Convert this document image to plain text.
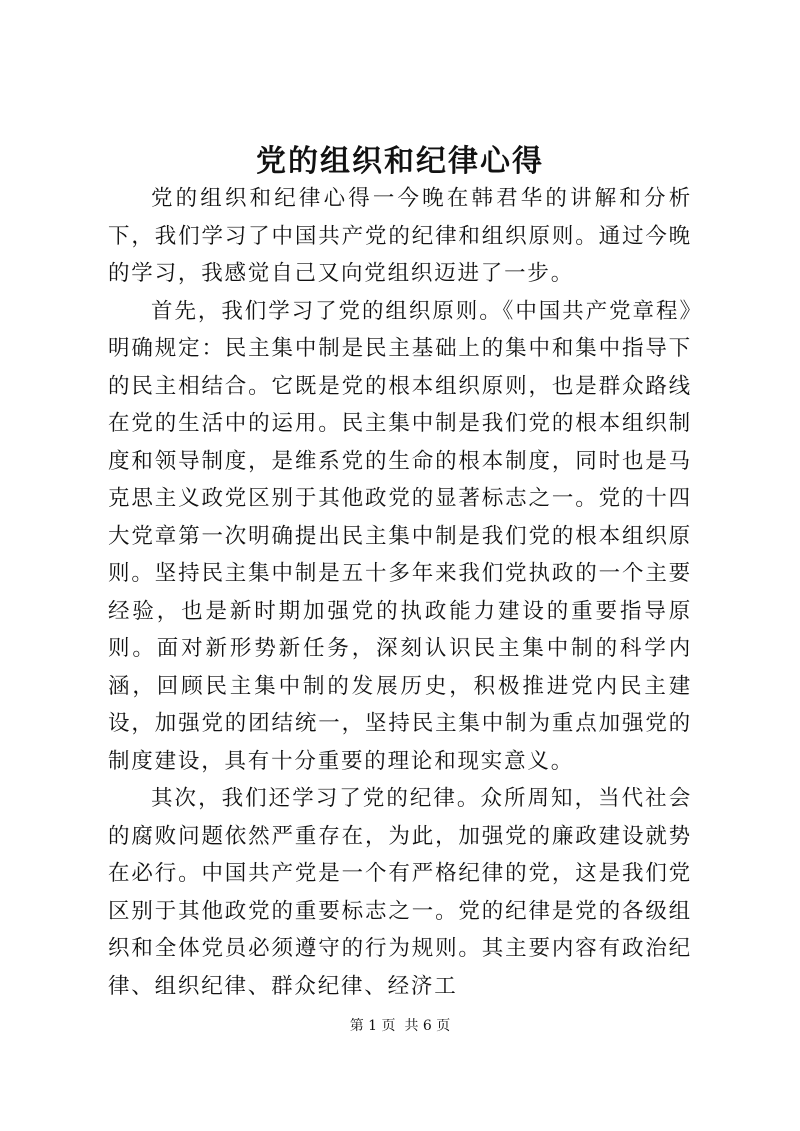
党的组织和纪律心得

党的组织和纪律心得一今晚在韩君华的讲解和分析下，我们学习了中国共产党的纪律和组织原则。通过今晚的学习，我感觉自己又向党组织迈进了一步。

首先，我们学习了党的组织原则。《中国共产党章程》明确规定：民主集中制是民主基础上的集中和集中指导下的民主相结合。它既是党的根本组织原则，也是群众路线在党的生活中的运用。民主集中制是我们党的根本组织制度和领导制度，是维系党的生命的根本制度，同时也是马克思主义政党区别于其他政党的显著标志之一。党的十四大党章第一次明确提出民主集中制是我们党的根本组织原则。坚持民主集中制是五十多年来我们党执政的一个主要经验，也是新时期加强党的执政能力建设的重要指导原则。面对新形势新任务，深刻认识民主集中制的科学内涵，回顾民主集中制的发展历史，积极推进党内民主建设，加强党的团结统一，坚持民主集中制为重点加强党的制度建设，具有十分重要的理论和现实意义。

其次，我们还学习了党的纪律。众所周知，当代社会的腐败问题依然严重存在，为此，加强党的廉政建设就势在必行。中国共产党是一个有严格纪律的党，这是我们党区别于其他政党的重要标志之一。党的纪律是党的各级组织和全体党员必须遵守的行为规则。其主要内容有政治纪律、组织纪律、群众纪律、经济工

第 1 页  共 6 页
